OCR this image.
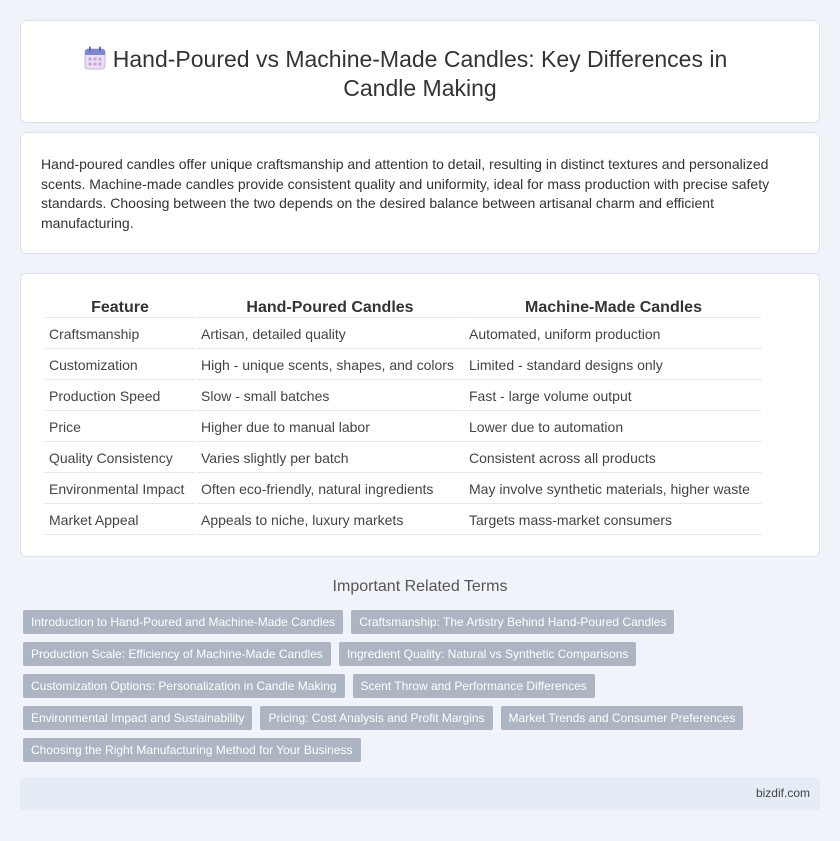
Hand-Poured vs Machine-Made Candles: Key Differences in Candle Making

Hand-poured candles offer unique craftsmanship and attention to detail, resulting in distinct textures and personalized scents. Machine-made candles provide consistent quality and uniformity, ideal for mass production with precise safety standards. Choosing between the two depends on the desired balance between artisanal charm and efficient manufacturing.

Feature	Hand-Poured Candles	Machine-Made Candles
Craftsmanship	Artisan, detailed quality	Automated, uniform production
Customization	High - unique scents, shapes, and colors	Limited - standard designs only
Production Speed	Slow - small batches	Fast - large volume output
Price	Higher due to manual labor	Lower due to automation
Quality Consistency	Varies slightly per batch	Consistent across all products
Environmental Impact	Often eco-friendly, natural ingredients	May involve synthetic materials, higher waste
Market Appeal	Appeals to niche, luxury markets	Targets mass-market consumers
Important Related Terms
Introduction to Hand-Poured and Machine-Made Candles	Craftsmanship: The Artistry Behind Hand-Poured Candles
Production Scale: Efficiency of Machine-Made Candles	Ingredient Quality: Natural vs Synthetic Comparisons
Customization Options: Personalization in Candle Making	Scent Throw and Performance Differences
Environmental Impact and Sustainability	Pricing: Cost Analysis and Profit Margins	Market Trends and Consumer Preferences
Choosing the Right Manufacturing Method for Your Business
bizdif.com
